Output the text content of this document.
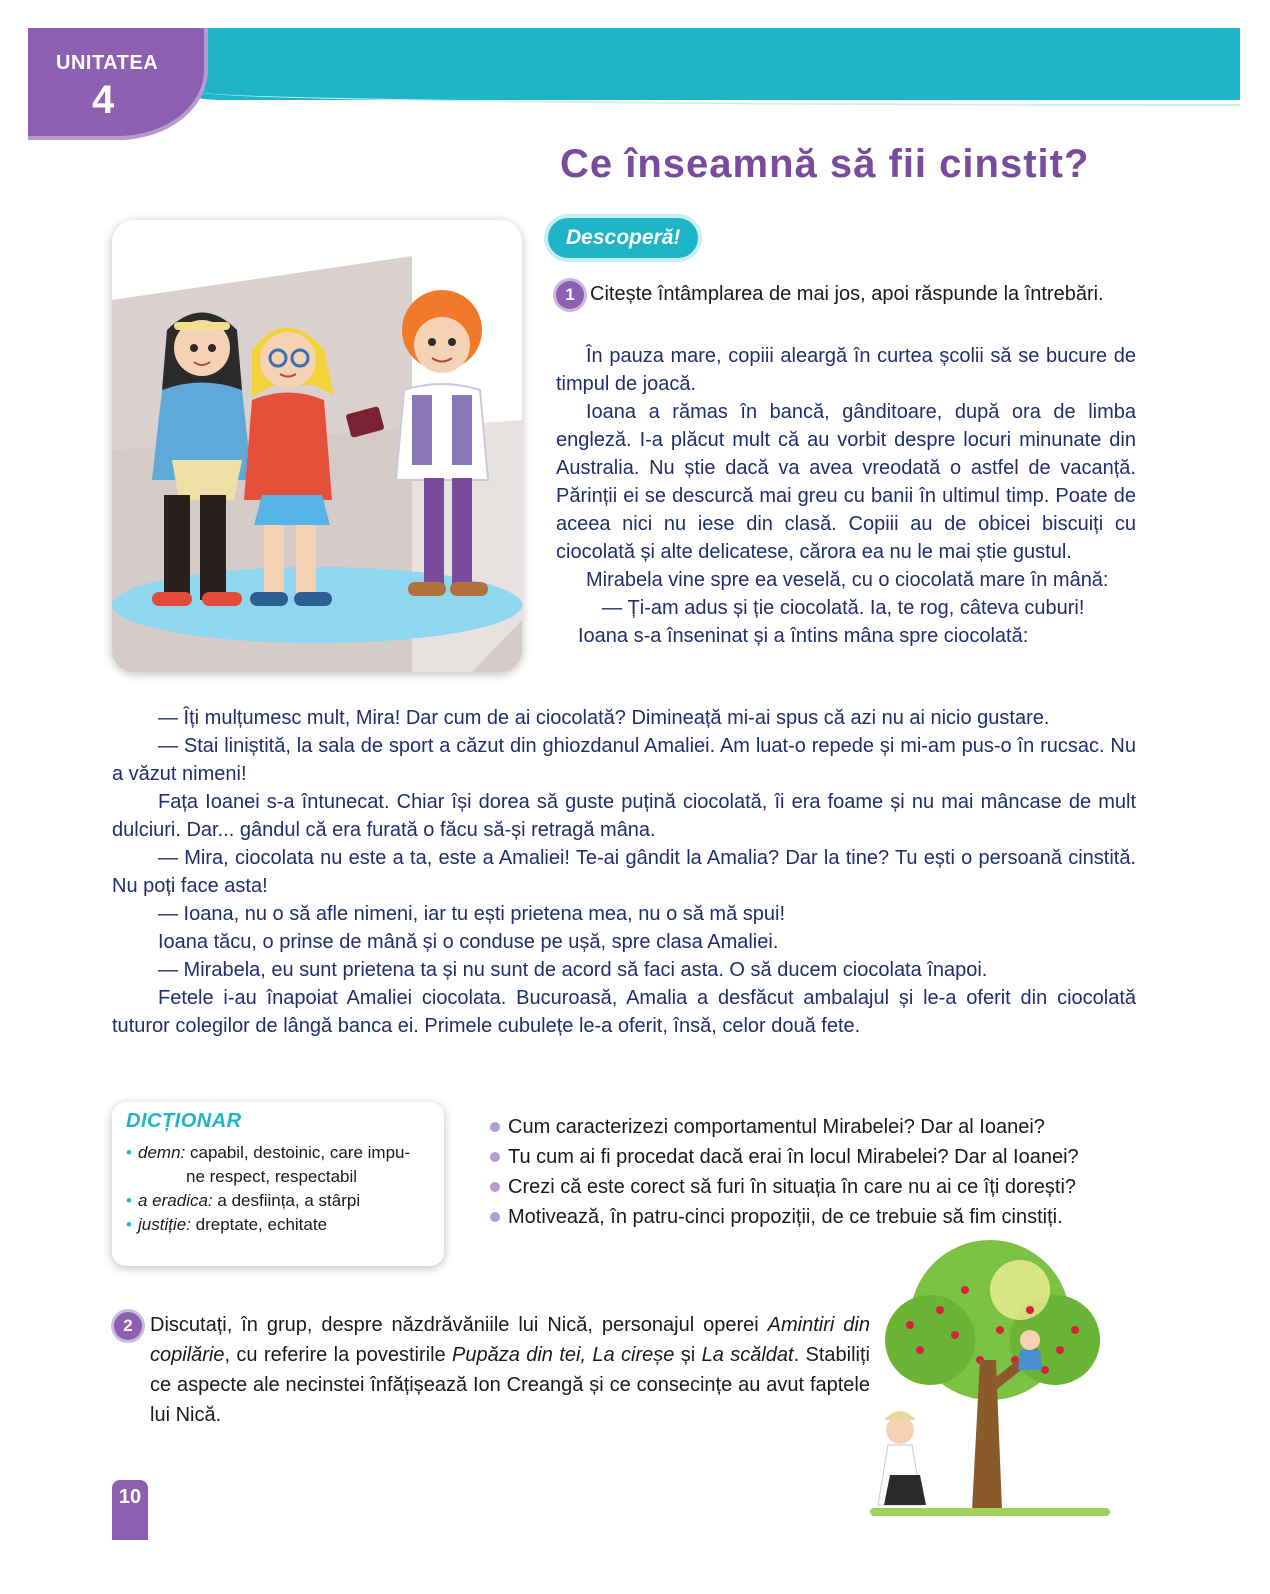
UNITATEA
4
Ce înseamnă să fii cinstit?
Descoperă!
1 Citește întâmplarea de mai jos, apoi răspunde la întrebări.

În pauza mare, copiii aleargă în curtea școlii să se bucure de timpul de joacă.

Ioana a rămas în bancă, gânditoare, după ora de limba engleză. I-a plăcut mult că au vorbit despre locuri minunate din Australia. Nu știe dacă va avea vreodată o astfel de vacanță. Părinții ei se descurcă mai greu cu banii în ultimul timp. Poate de aceea nici nu iese din clasă. Copiii au de obicei biscuiți cu ciocolată și alte delicatese, cărora ea nu le mai știe gustul.

Mirabela vine spre ea veselă, cu o ciocolată mare în mână:

— Ți-am adus și ție ciocolată. Ia, te rog, câteva cuburi!

Ioana s-a înseninat și a întins mâna spre ciocolată:

— Îți mulțumesc mult, Mira! Dar cum de ai ciocolată? Dimineață mi-ai spus că azi nu ai nicio gustare.

— Stai liniștită, la sala de sport a căzut din ghiozdanul Amaliei. Am luat-o repede și mi-am pus-o în rucsac. Nu a văzut nimeni!

Fața Ioanei s-a întunecat. Chiar își dorea să guste puțină ciocolată, îi era foame și nu mai mâncase de mult dulciuri. Dar... gândul că era furată o făcu să-și retragă mâna.

— Mira, ciocolata nu este a ta, este a Amaliei! Te-ai gândit la Amalia? Dar la tine? Tu ești o persoană cinstită. Nu poți face asta!

— Ioana, nu o să afle nimeni, iar tu ești prietena mea, nu o să mă spui!

Ioana tăcu, o prinse de mână și o conduse pe ușă, spre clasa Amaliei.

— Mirabela, eu sunt prietena ta și nu sunt de acord să faci asta. O să ducem ciocolata înapoi.

Fetele i-au înapoiat Amaliei ciocolata. Bucuroasă, Amalia a desfăcut ambalajul și le-a oferit din ciocolată tuturor colegilor de lângă banca ei. Primele cubulețe le-a oferit, însă, celor două fete.

DICȚIONAR
• demn: capabil, destoinic, care impu-
ne respect, respectabil
• a eradica: a desființa, a stârpi
• justiție: dreptate, echitate
Cum caracterizezi comportamentul Mirabelei? Dar al Ioanei?
Tu cum ai fi procedat dacă erai în locul Mirabelei? Dar al Ioanei?
Crezi că este corect să furi în situația în care nu ai ce îți dorești?
Motivează, în patru-cinci propoziții, de ce trebuie să fim cinstiți.
2 Discutați, în grup, despre năzdrăvăniile lui Nică, personajul operei Amintiri din copilărie, cu referire la povestirile Pupăza din tei, La cireșe și La scăldat. Stabiliți ce aspecte ale necinstei înfățișează Ion Creangă și ce consecințe au avut faptele lui Nică.
10
